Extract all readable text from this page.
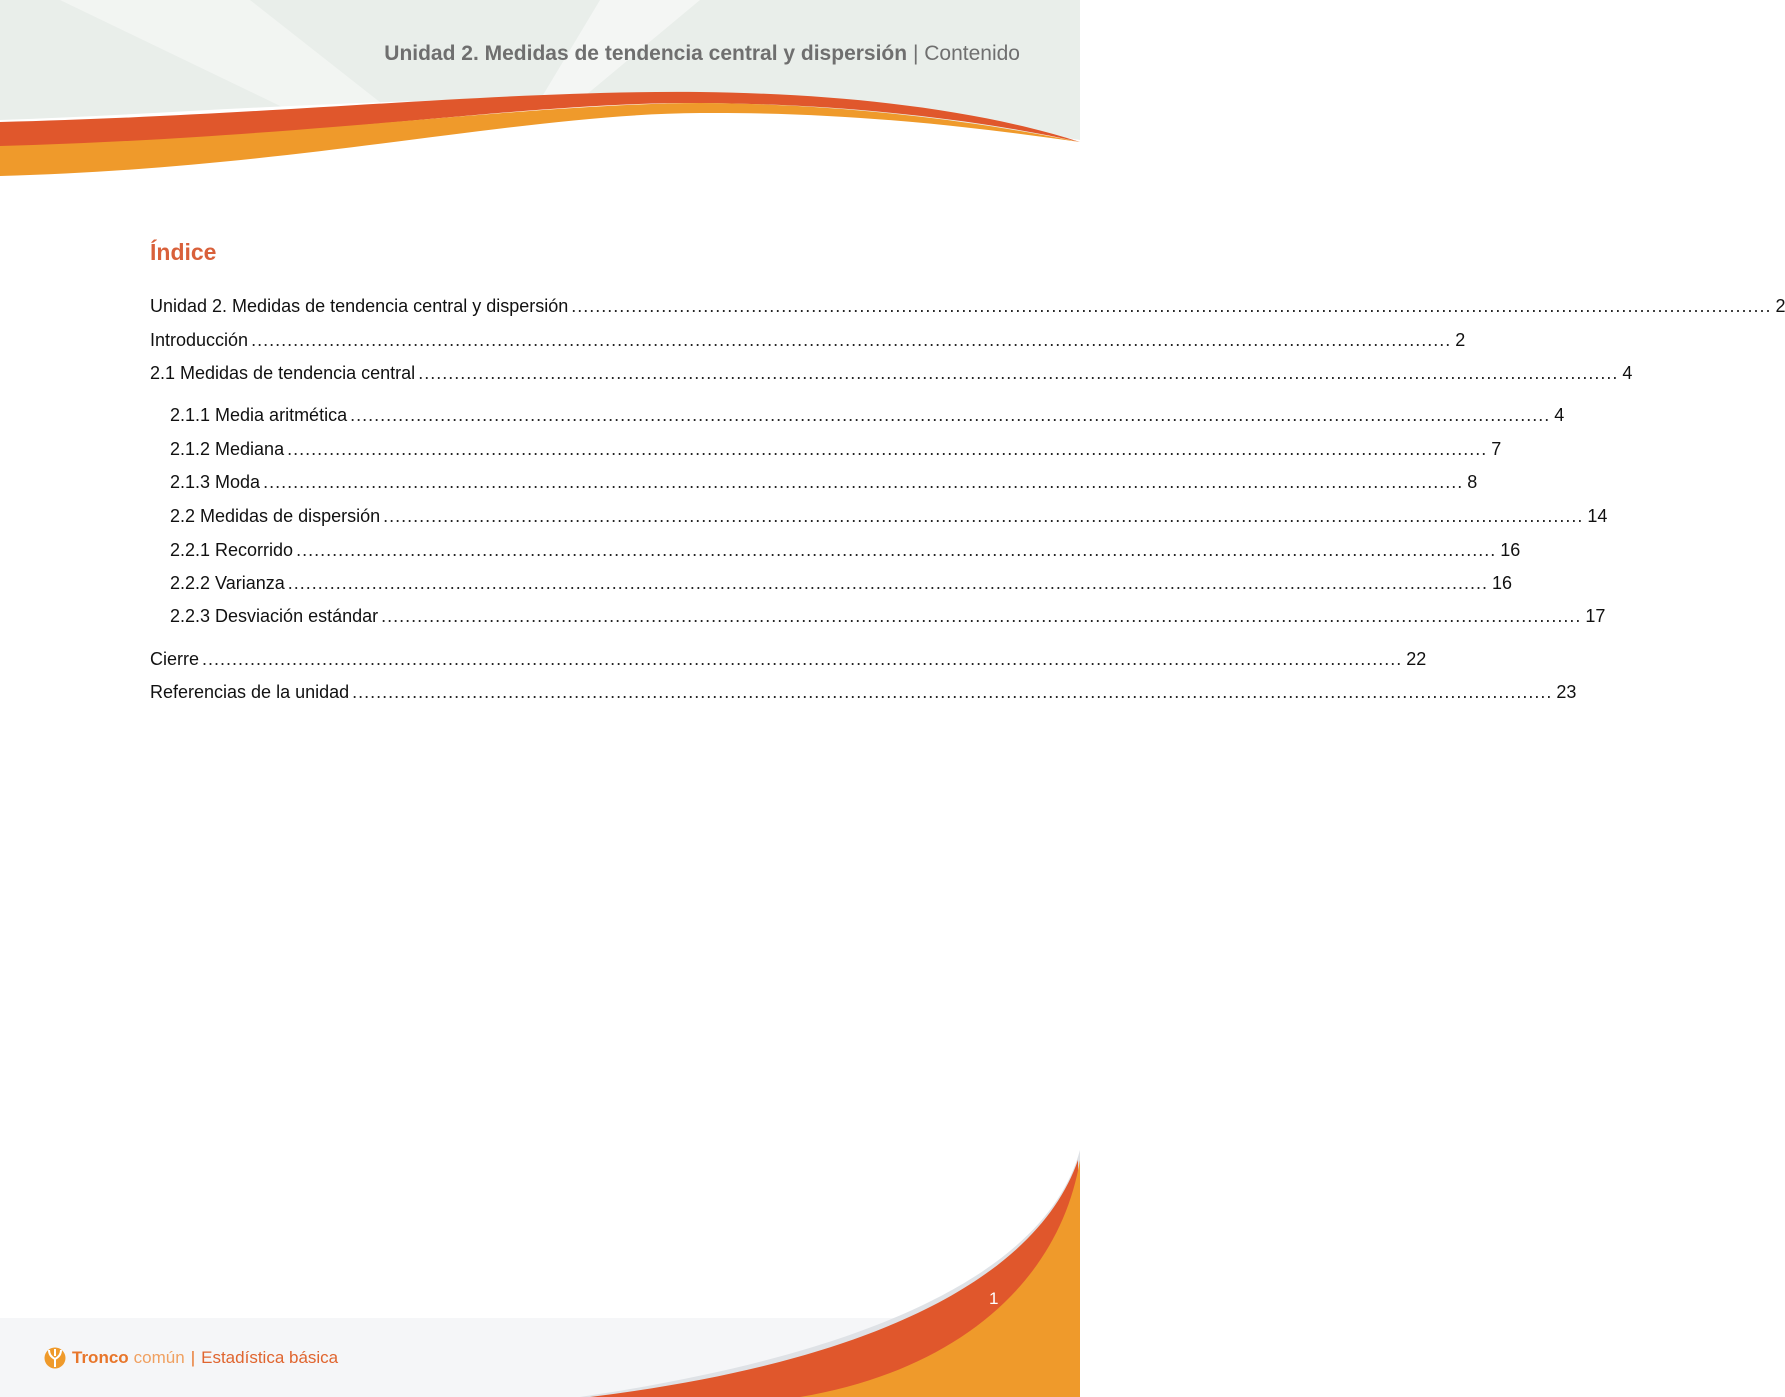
Unidad 2. Medidas de tendencia central y dispersión | Contenido
Índice
Unidad 2. Medidas de tendencia central y dispersión ........................................................................................................................................................................................................ 2
Introducción ........................................................................................................................................................................................................ 2
2.1 Medidas de tendencia central ........................................................................................................................................................................................................ 4
2.1.1 Media aritmética ........................................................................................................................................................................................................ 4
2.1.2 Mediana ........................................................................................................................................................................................................ 7
2.1.3 Moda ........................................................................................................................................................................................................ 8
2.2 Medidas de dispersión ........................................................................................................................................................................................................ 14
2.2.1 Recorrido ........................................................................................................................................................................................................ 16
2.2.2 Varianza ........................................................................................................................................................................................................ 16
2.2.3 Desviación estándar ........................................................................................................................................................................................................ 17
Cierre ........................................................................................................................................................................................................ 22
Referencias de la unidad ........................................................................................................................................................................................................ 23
1
Tronco común | Estadística básica
